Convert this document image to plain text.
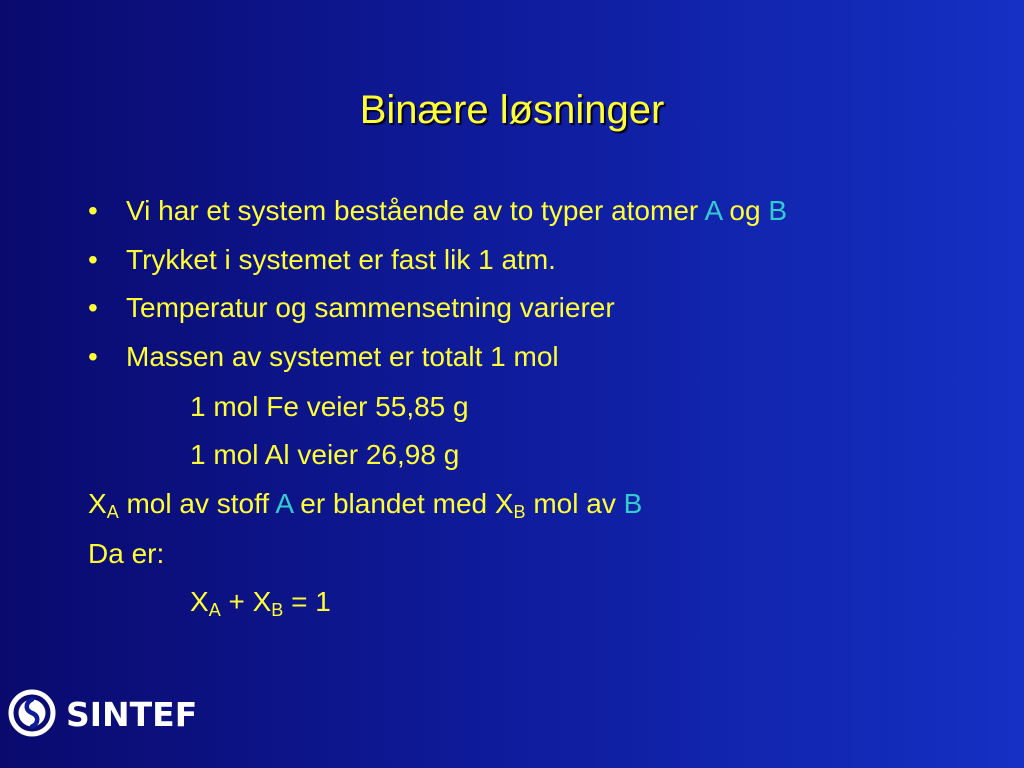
Binære løsninger
• Vi har et system bestående av to typer atomer A og B
• Trykket i systemet er fast lik 1 atm.
• Temperatur og sammensetning varierer
• Massen av systemet er totalt 1 mol
1 mol Fe veier 55,85 g
1 mol Al veier 26,98 g
$X_A$ mol av stoff A er blandet med $X_B$ mol av B
Da er:
$X_A + X_B = 1$
SINTEF
